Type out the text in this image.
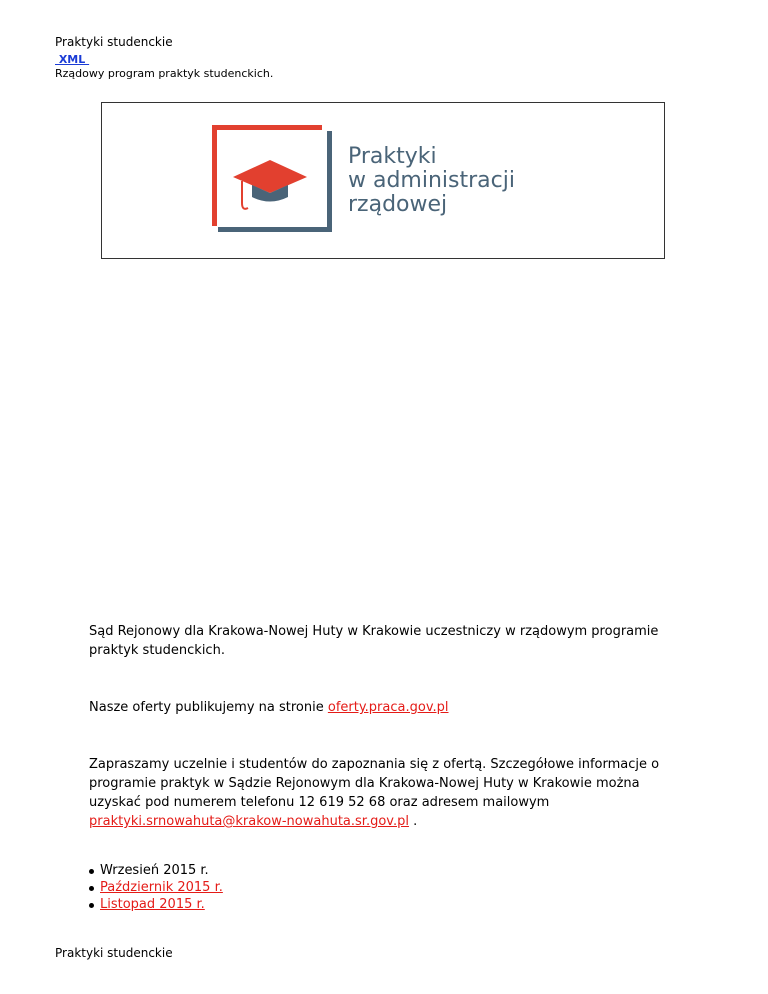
Praktyki studenckie
XML
Rządowy program praktyk studenckich.
Praktyki
w administracji
rządowej

Sąd Rejonowy dla Krakowa-Nowej Huty w Krakowie uczestniczy w rządowym programie praktyk studenckich.

Nasze oferty publikujemy na stronie oferty.praca.gov.pl

Zapraszamy uczelnie i studentów do zapoznania się z ofertą. Szczegółowe informacje o programie praktyk w Sądzie Rejonowym dla Krakowa-Nowej Huty w Krakowie można uzyskać pod numerem telefonu 12 619 52 68 oraz adresem mailowym praktyki.srnowahuta@krakow-nowahuta.sr.gov.pl .

Wrzesień 2015 r.
Październik 2015 r.
Listopad 2015 r.
Praktyki studenckie
